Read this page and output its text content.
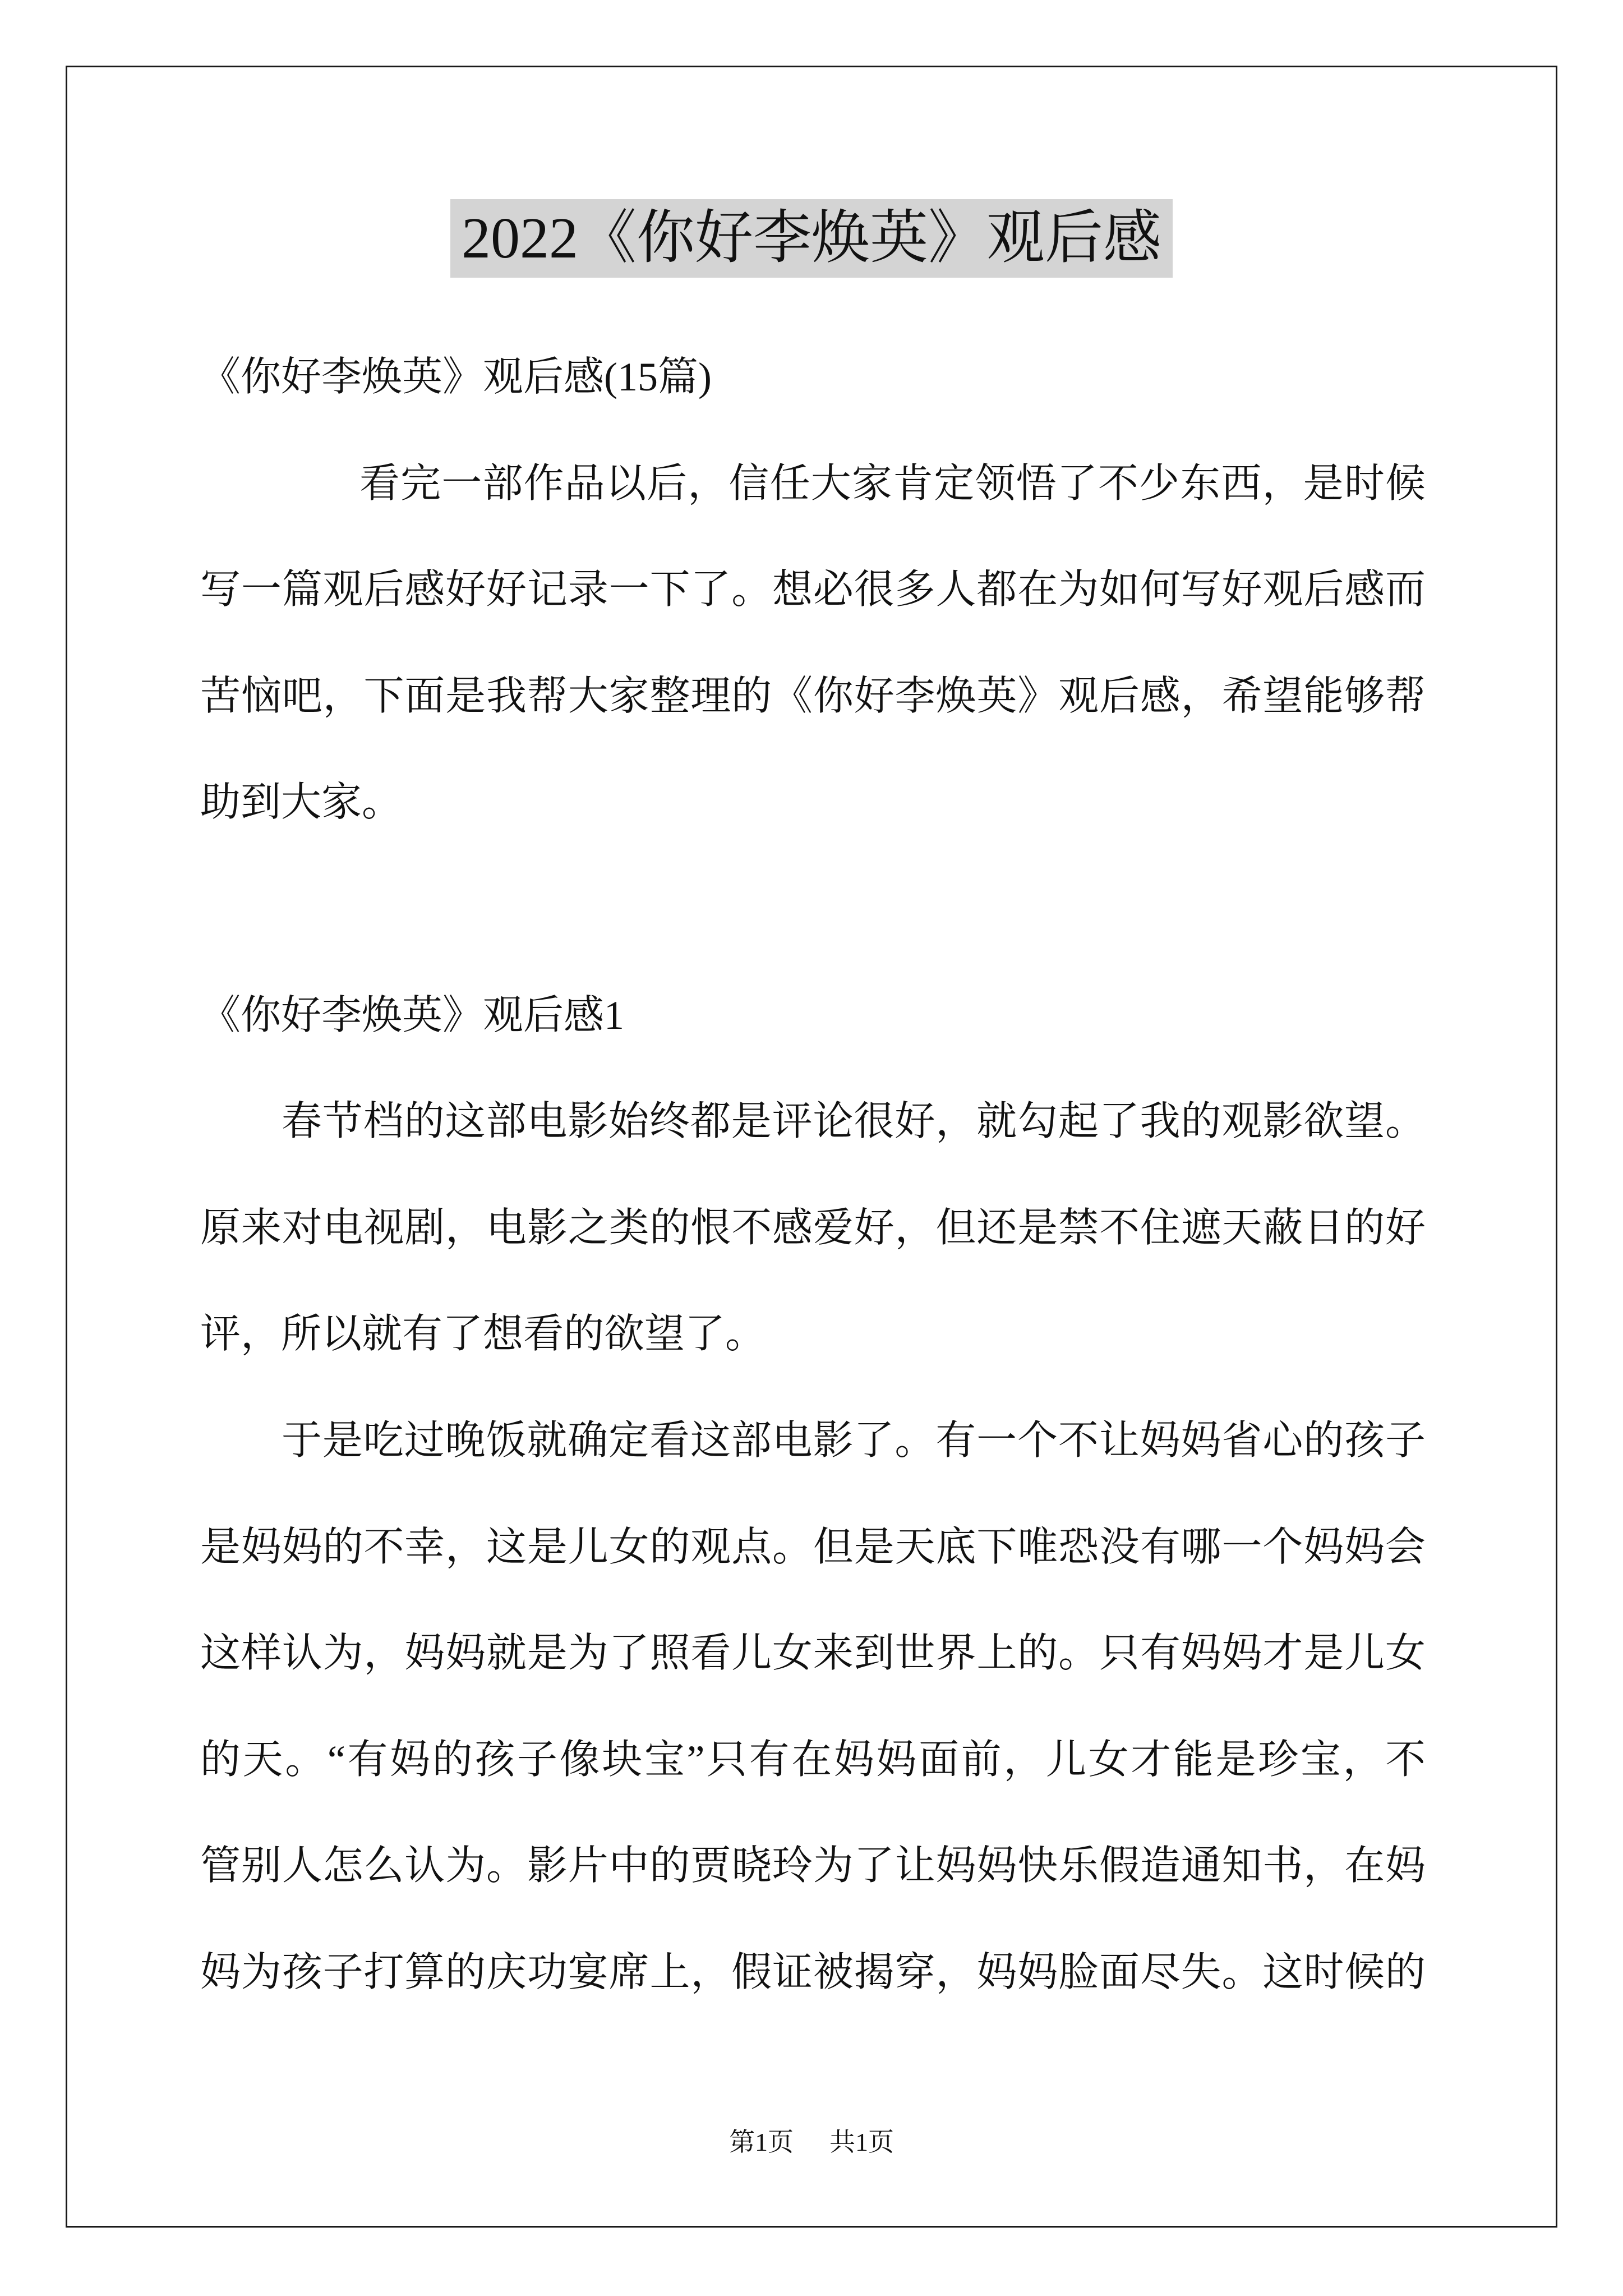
2022《你好李焕英》观后感
《你好李焕英》观后感(15篇)
看完一部作品以后，信任大家肯定领悟了不少东西，是时候
写一篇观后感好好记录一下了。想必很多人都在为如何写好观后感而
苦恼吧，下面是我帮大家整理的《你好李焕英》观后感，希望能够帮
助到大家。
《你好李焕英》观后感1
春节档的这部电影始终都是评论很好，就勾起了我的观影欲望。
原来对电视剧，电影之类的恨不感爱好，但还是禁不住遮天蔽日的好
评，所以就有了想看的欲望了。
于是吃过晚饭就确定看这部电影了。有一个不让妈妈省心的孩子
是妈妈的不幸，这是儿女的观点。但是天底下唯恐没有哪一个妈妈会
这样认为，妈妈就是为了照看儿女来到世界上的。只有妈妈才是儿女
的天。“有妈的孩子像块宝”只有在妈妈面前，儿女才能是珍宝，不
管别人怎么认为。影片中的贾晓玲为了让妈妈快乐假造通知书，在妈
妈为孩子打算的庆功宴席上，假证被揭穿，妈妈脸面尽失。这时候的
第1页 共1页
